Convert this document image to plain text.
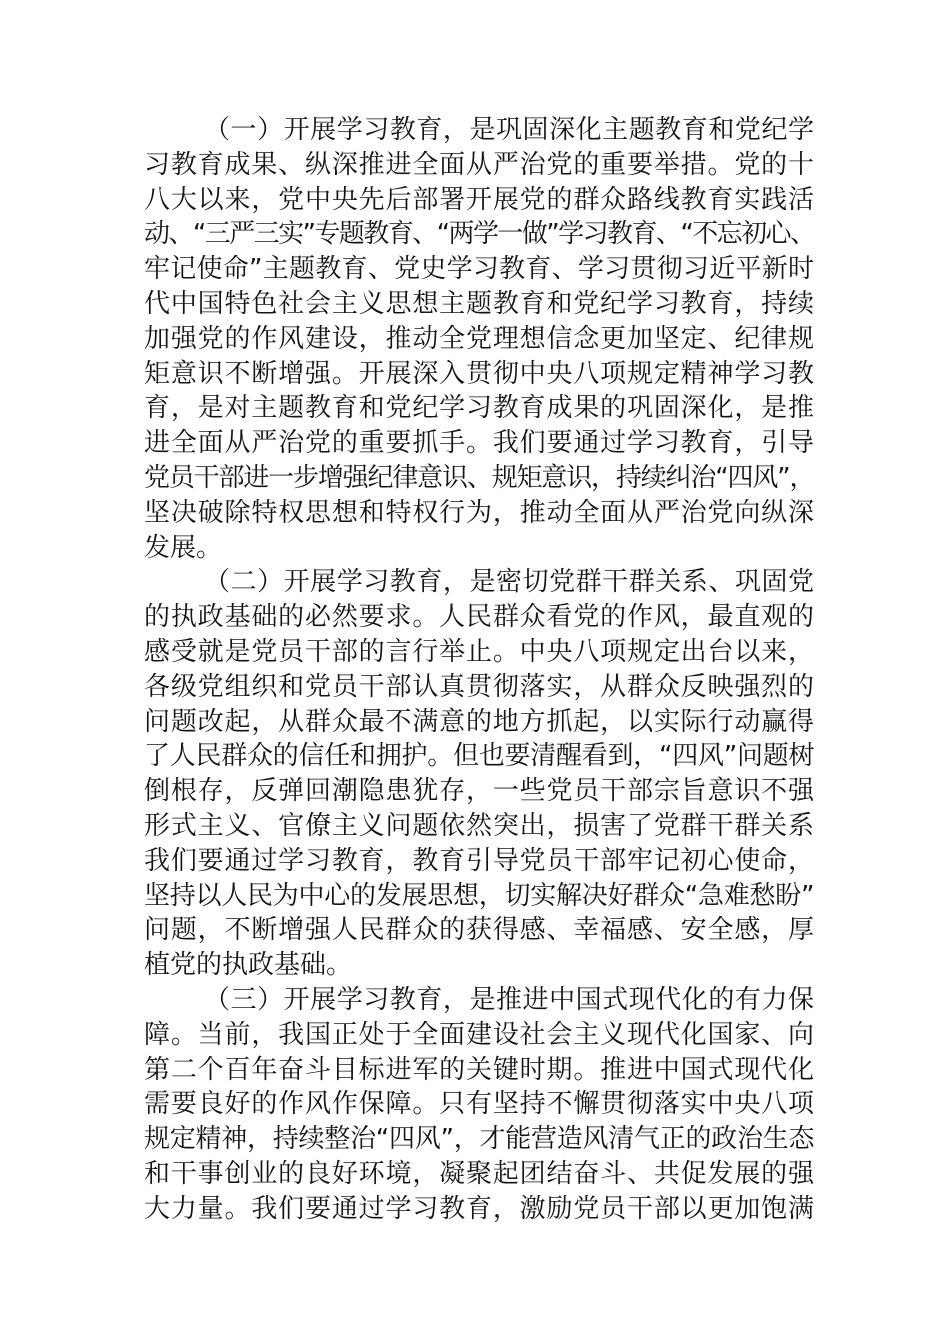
（一）开展学习教育，是巩固深化主题教育和党纪学
习教育成果、纵深推进全面从严治党的重要举措。党的十
八大以来，党中央先后部署开展党的群众路线教育实践活
动、“三严三实”专题教育、“两学一做”学习教育、“不忘初心、
牢记使命”主题教育、党史学习教育、学习贯彻习近平新时
代中国特色社会主义思想主题教育和党纪学习教育，持续
加强党的作风建设，推动全党理想信念更加坚定、纪律规
矩意识不断增强。开展深入贯彻中央八项规定精神学习教
育，是对主题教育和党纪学习教育成果的巩固深化，是推
进全面从严治党的重要抓手。我们要通过学习教育，引导
党员干部进一步增强纪律意识、规矩意识，持续纠治“四风”，
坚决破除特权思想和特权行为，推动全面从严治党向纵深
发展。
（二）开展学习教育，是密切党群干群关系、巩固党
的执政基础的必然要求。人民群众看党的作风，最直观的
感受就是党员干部的言行举止。中央八项规定出台以来，
各级党组织和党员干部认真贯彻落实，从群众反映强烈的
问题改起，从群众最不满意的地方抓起，以实际行动赢得
了人民群众的信任和拥护。但也要清醒看到，“四风”问题树
倒根存，反弹回潮隐患犹存，一些党员干部宗旨意识不强
形式主义、官僚主义问题依然突出，损害了党群干群关系
我们要通过学习教育，教育引导党员干部牢记初心使命，
坚持以人民为中心的发展思想，切实解决好群众“急难愁盼”
问题，不断增强人民群众的获得感、幸福感、安全感，厚
植党的执政基础。
（三）开展学习教育，是推进中国式现代化的有力保
障。当前，我国正处于全面建设社会主义现代化国家、向
第二个百年奋斗目标进军的关键时期。推进中国式现代化
需要良好的作风作保障。只有坚持不懈贯彻落实中央八项
规定精神，持续整治“四风”，才能营造风清气正的政治生态
和干事创业的良好环境，凝聚起团结奋斗、共促发展的强
大力量。我们要通过学习教育，激励党员干部以更加饱满
